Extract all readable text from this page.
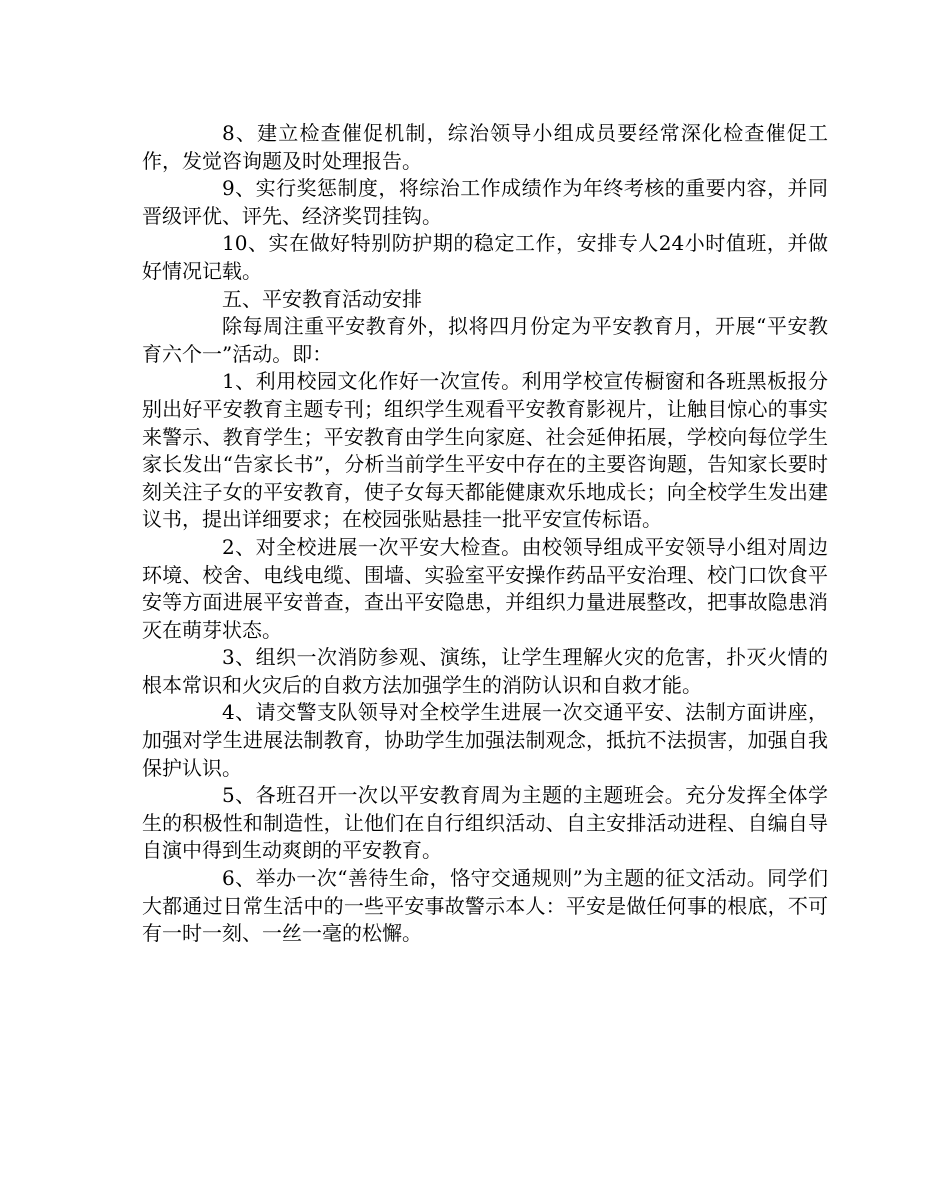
8、建立检查催促机制，综治领导小组成员要经常深化检查催促工作，发觉咨询题及时处理报告。

9、实行奖惩制度，将综治工作成绩作为年终考核的重要内容，并同晋级评优、评先、经济奖罚挂钩。

10、实在做好特别防护期的稳定工作，安排专人24小时值班，并做好情况记载。

五、平安教育活动安排

除每周注重平安教育外，拟将四月份定为平安教育月，开展“平安教育六个一”活动。即：

1、利用校园文化作好一次宣传。利用学校宣传橱窗和各班黑板报分别出好平安教育主题专刊；组织学生观看平安教育影视片，让触目惊心的事实来警示、教育学生；平安教育由学生向家庭、社会延伸拓展，学校向每位学生家长发出“告家长书”，分析当前学生平安中存在的主要咨询题，告知家长要时刻关注子女的平安教育，使子女每天都能健康欢乐地成长；向全校学生发出建议书，提出详细要求；在校园张贴悬挂一批平安宣传标语。

2、对全校进展一次平安大检查。由校领导组成平安领导小组对周边环境、校舍、电线电缆、围墙、实验室平安操作药品平安治理、校门口饮食平安等方面进展平安普查，查出平安隐患，并组织力量进展整改，把事故隐患消灭在萌芽状态。

3、组织一次消防参观、演练，让学生理解火灾的危害，扑灭火情的根本常识和火灾后的自救方法加强学生的消防认识和自救才能。

4、请交警支队领导对全校学生进展一次交通平安、法制方面讲座，加强对学生进展法制教育，协助学生加强法制观念，抵抗不法损害，加强自我保护认识。

5、各班召开一次以平安教育周为主题的主题班会。充分发挥全体学生的积极性和制造性，让他们在自行组织活动、自主安排活动进程、自编自导自演中得到生动爽朗的平安教育。

6、举办一次“善待生命，恪守交通规则”为主题的征文活动。同学们大都通过日常生活中的一些平安事故警示本人：平安是做任何事的根底，不可有一时一刻、一丝一毫的松懈。
